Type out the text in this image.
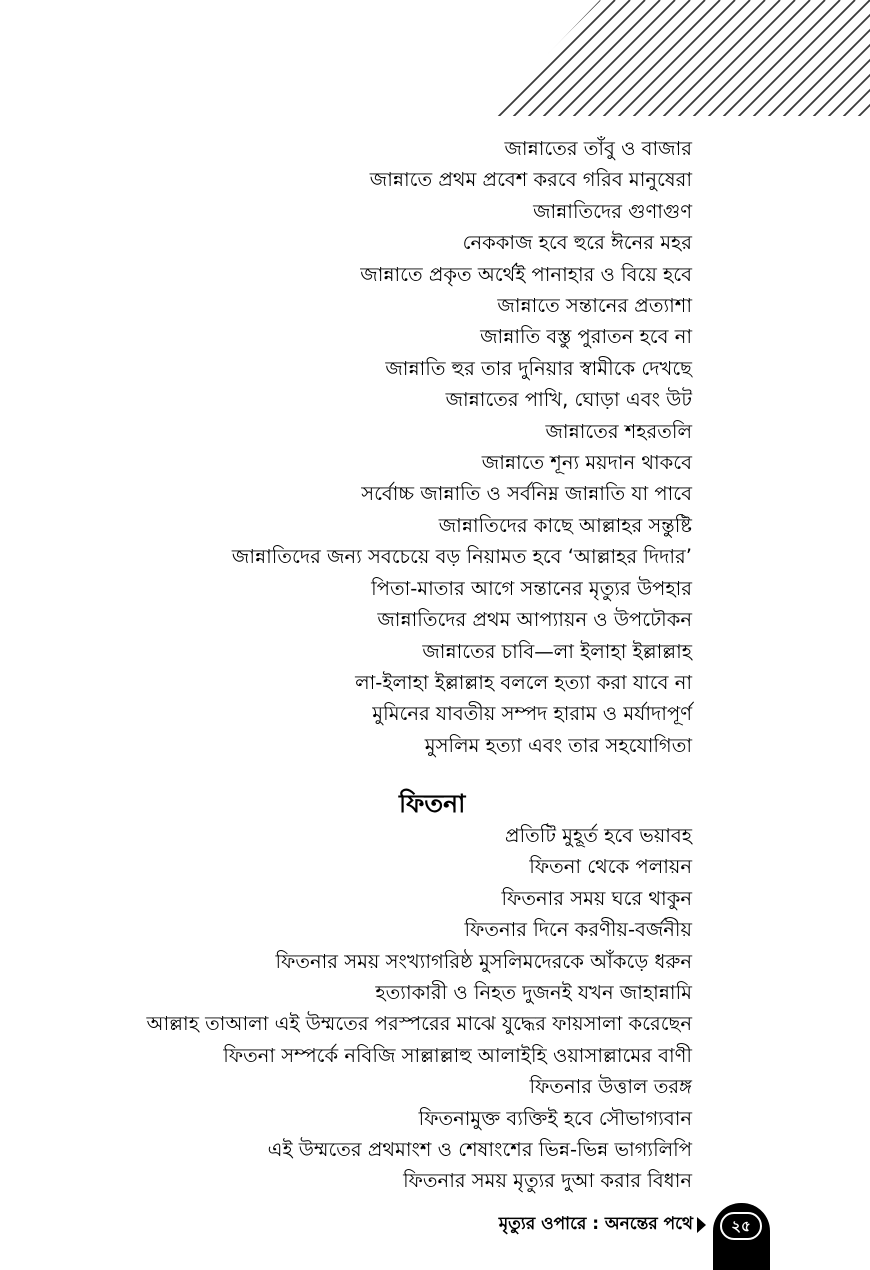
জান্নাতের তাঁবু ও বাজার
জান্নাতে প্রথম প্রবেশ করবে গরিব মানুষেরা
জান্নাতিদের গুণাগুণ
নেককাজ হবে হুরে ঈনের মহর
জান্নাতে প্রকৃত অর্থেই পানাহার ও বিয়ে হবে
জান্নাতে সন্তানের প্রত্যাশা
জান্নাতি বস্তু পুরাতন হবে না
জান্নাতি হুর তার দুনিয়ার স্বামীকে দেখছে
জান্নাতের পাখি, ঘোড়া এবং উট
জান্নাতের শহরতলি
জান্নাতে শূন্য ময়দান থাকবে
সর্বোচ্চ জান্নাতি ও সর্বনিম্ন জান্নাতি যা পাবে
জান্নাতিদের কাছে আল্লাহর সন্তুষ্টি
জান্নাতিদের জন্য সবচেয়ে বড় নিয়ামত হবে ‘আল্লাহর দিদার’
পিতা-মাতার আগে সন্তানের মৃত্যুর উপহার
জান্নাতিদের প্রথম আপ্যায়ন ও উপঢৌকন
জান্নাতের চাবি—লা ইলাহা ইল্লাল্লাহ
লা-ইলাহা ইল্লাল্লাহ বললে হত্যা করা যাবে না
মুমিনের যাবতীয় সম্পদ হারাম ও মর্যাদাপূর্ণ
মুসলিম হত্যা এবং তার সহযোগিতা
ফিতনা
প্রতিটি মুহূর্ত হবে ভয়াবহ
ফিতনা থেকে পলায়ন
ফিতনার সময় ঘরে থাকুন
ফিতনার দিনে করণীয়-বর্জনীয়
ফিতনার সময় সংখ্যাগরিষ্ঠ মুসলিমদেরকে আঁকড়ে ধরুন
হত্যাকারী ও নিহত দুজনই যখন জাহান্নামি
আল্লাহ তাআলা এই উম্মতের পরস্পরের মাঝে যুদ্ধের ফায়সালা করেছেন
ফিতনা সম্পর্কে নবিজি সাল্লাল্লাহু আলাইহি ওয়াসাল্লামের বাণী
ফিতনার উত্তাল তরঙ্গ
ফিতনামুক্ত ব্যক্তিই হবে সৌভাগ্যবান
এই উম্মতের প্রথমাংশ ও শেষাংশের ভিন্ন-ভিন্ন ভাগ্যলিপি
ফিতনার সময় মৃত্যুর দুআ করার বিধান
মৃত্যুর ওপারে : অনন্তের পথে	২৫
